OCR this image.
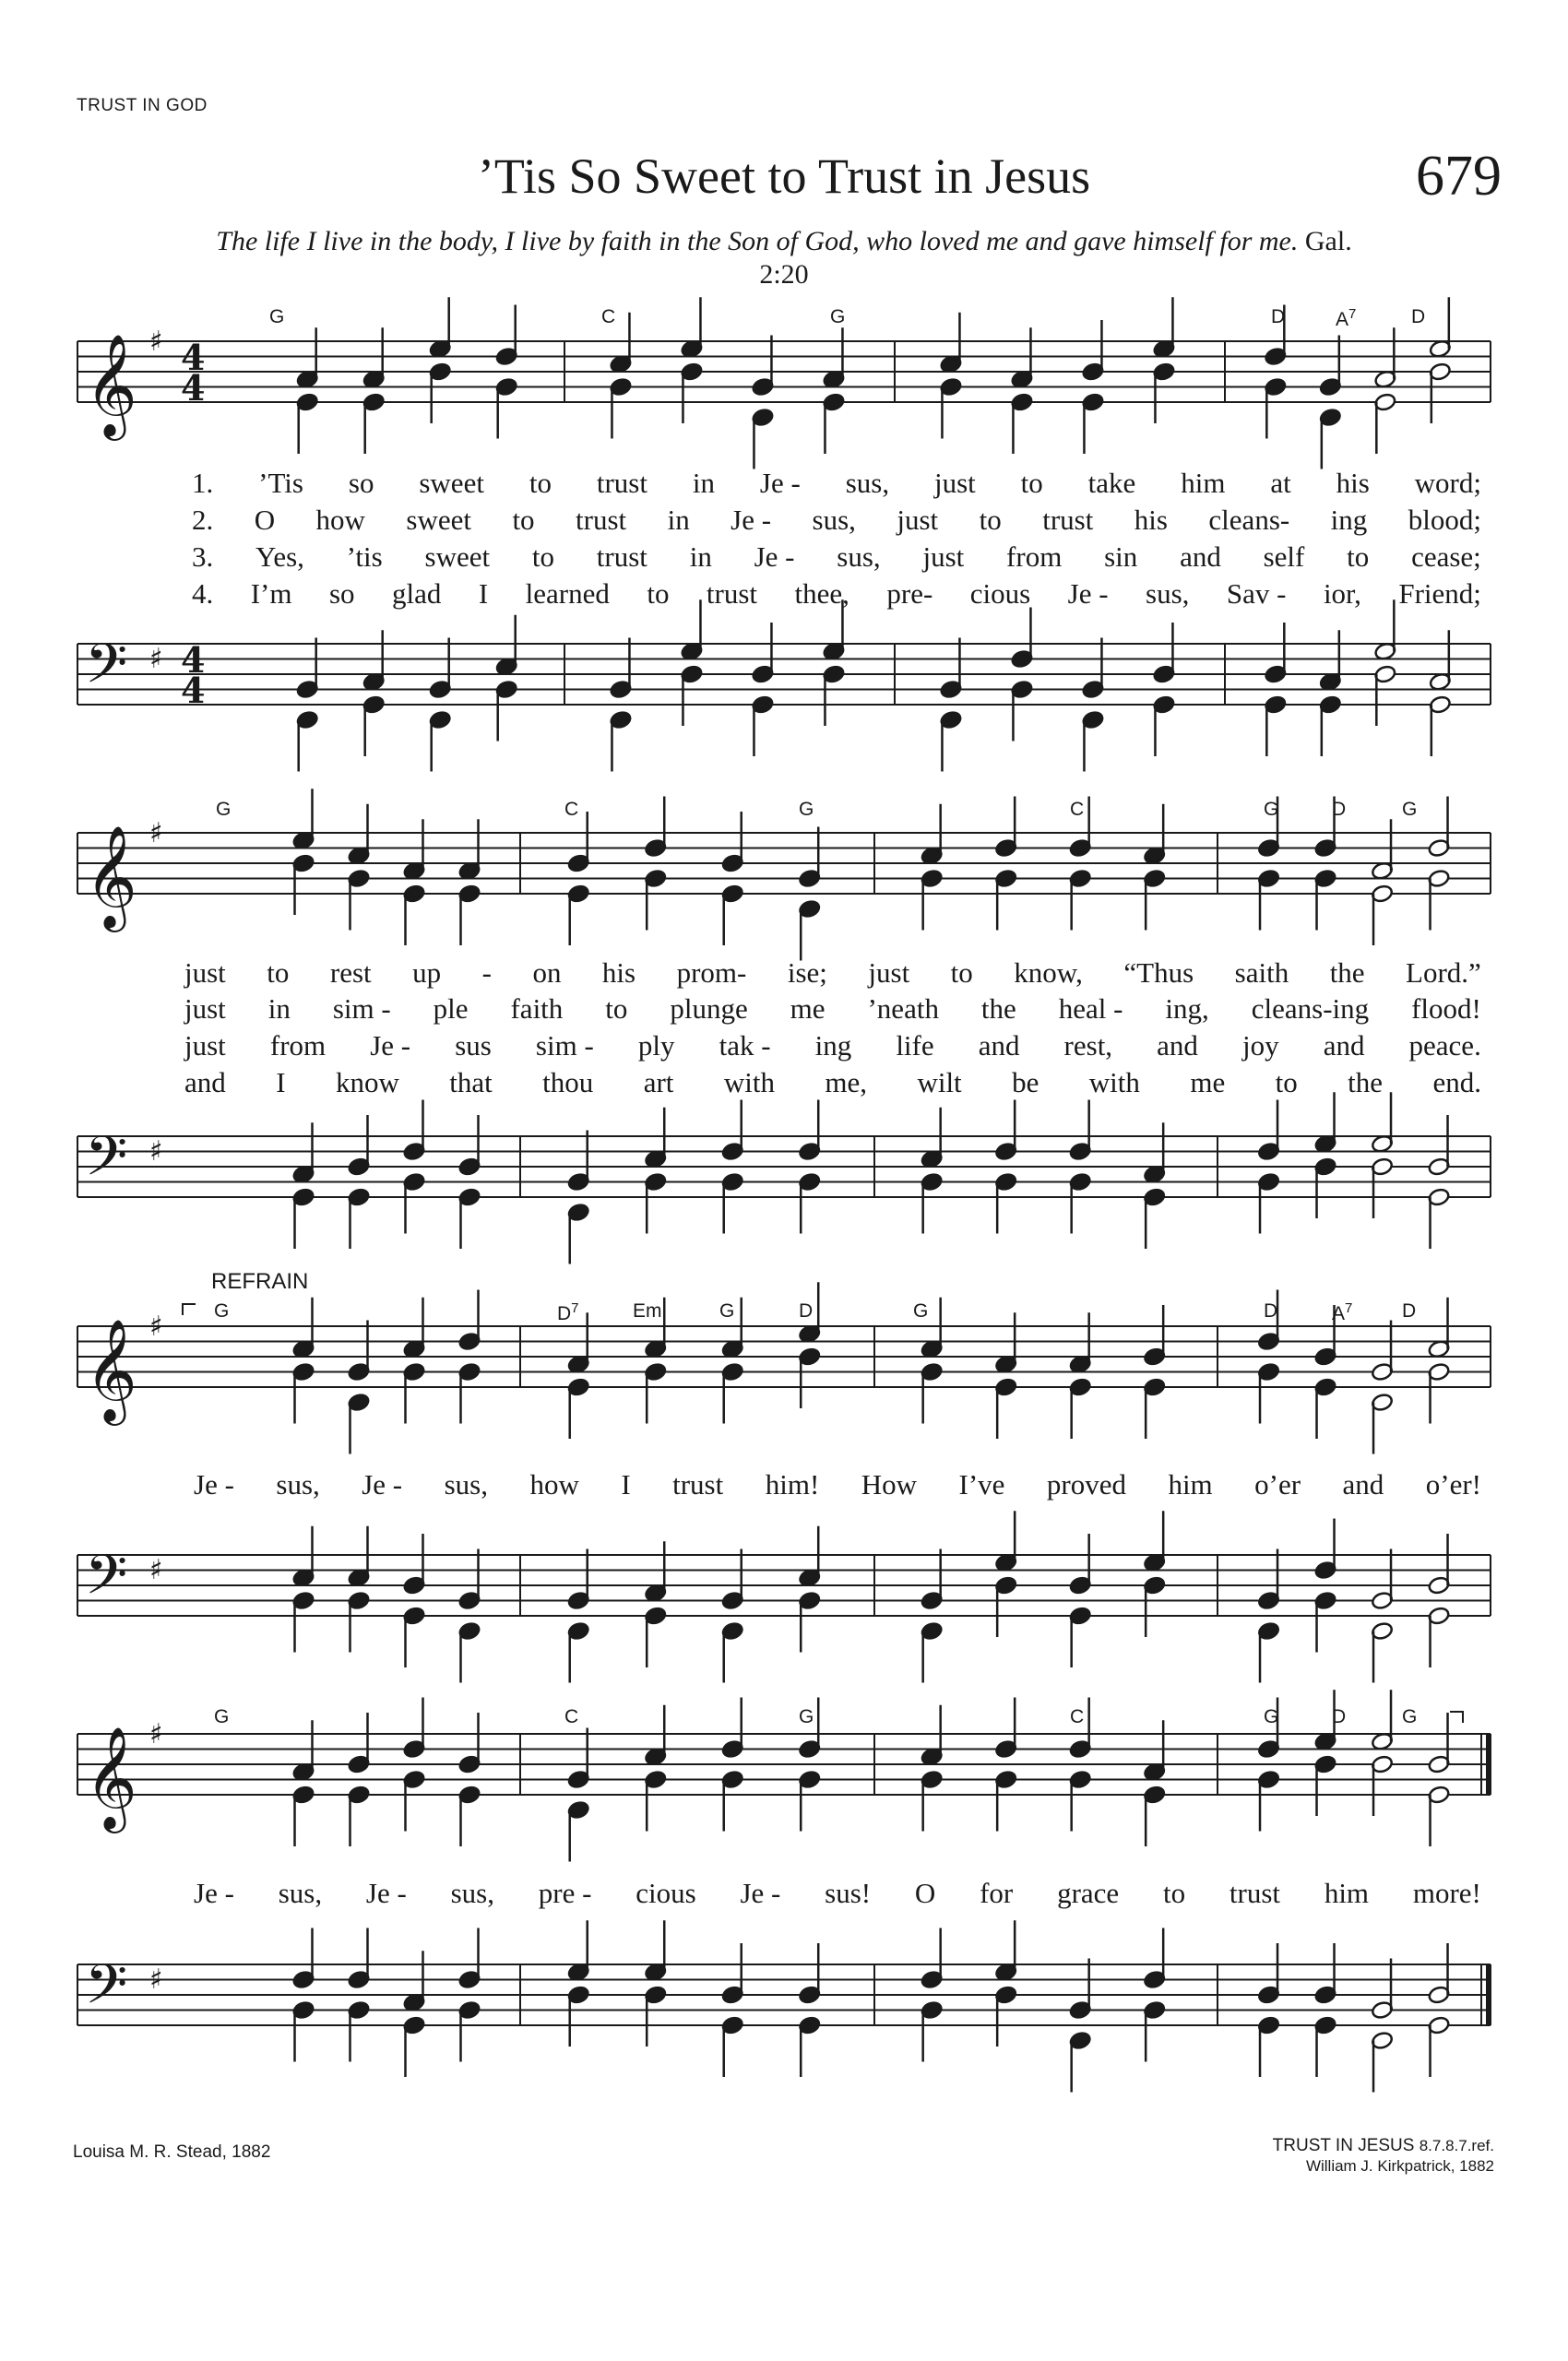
TRUST IN GOD
’Tis So Sweet to Trust in Jesus	679
The life I live in the body, I live by faith in the Son of God, who loved me and gave himself for me. Gal. 2:20
𝄞
𝄢
♯
♯
4
4
4
4
𝄞
𝄢
♯
♯
𝄞
𝄢
♯
♯
𝄞
𝄢
♯
♯
G	C	G	D	$A^7$	D
1. ’Tis so sweet to trust in Je - sus, just to take him at his word;
2. O how sweet to trust in Je - sus, just to trust his cleans- ing blood;
3. Yes, ’tis sweet to trust in Je - sus, just from sin and self to cease;
4. I’m so glad I learned to trust thee, pre- cious Je - sus, Sav - ior, Friend;
G	C	G	C	G	D	G
just to rest up - on his prom- ise; just to know, “Thus saith the Lord.”
just in sim - ple faith to plunge me ’neath the heal - ing, cleans-ing flood!
just from Je - sus sim - ply tak - ing life and rest, and joy and peace.
and I know that thou art with me, wilt be with me to the end.
G	$D^7$	Em	G	D	G	D	$A^7$	D
Je - sus, Je - sus, how I trust him! How I’ve proved him o’er and o’er!
G	C	G	C	G	D	G
Je - sus, Je - sus, pre - cious Je - sus! O for grace to trust him more!
REFRAIN
Louisa M. R. Stead, 1882	TRUST IN JESUS 8.7.8.7.ref.
William J. Kirkpatrick, 1882
